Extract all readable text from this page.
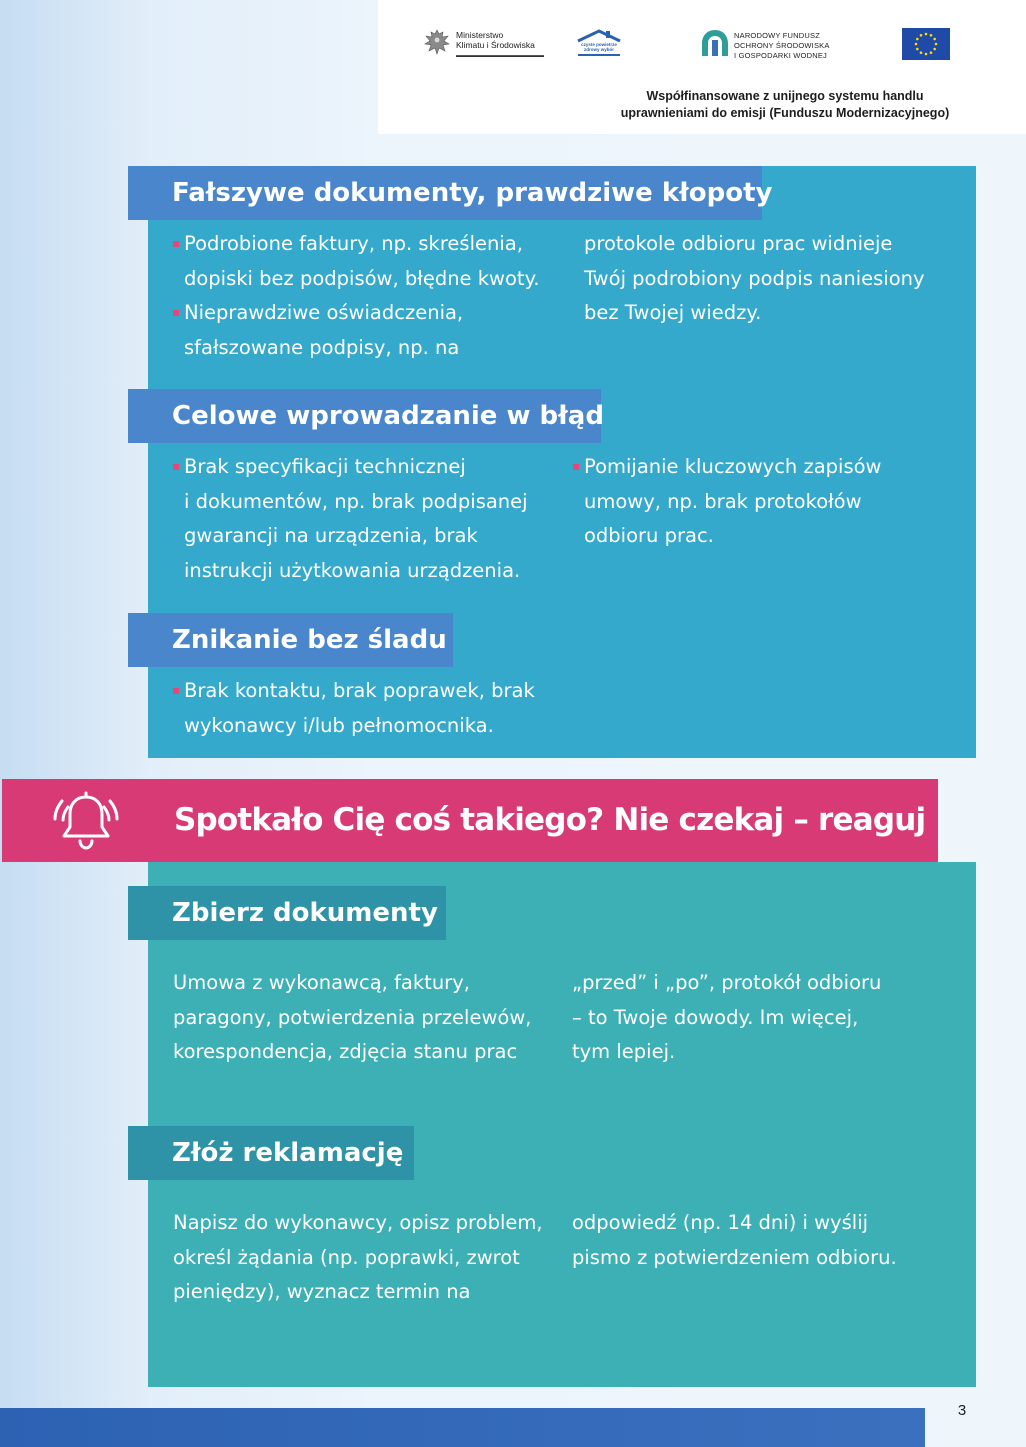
Ministerstwo
Klimatu i Środowiska	czyste powietrze
zdrowy wybór
NARODOWY FUNDUSZ
OCHRONY ŚRODOWISKA
I GOSPODARKI WODNEJ
Współfinansowane z unijnego systemu handlu
uprawnieniami do emisji (Funduszu Modernizacyjnego)
Fałszywe dokumenty, prawdziwe kłopoty

Podrobione faktury, np. skreślenia,

dopiski bez podpisów, błędne kwoty.

Nieprawdziwe oświadczenia,

sfałszowane podpisy, np. na

protokole odbioru prac widnieje

Twój podrobiony podpis naniesiony

bez Twojej wiedzy.

Celowe wprowadzanie w błąd

Brak specyfikacji technicznej

i dokumentów, np. brak podpisanej

gwarancji na urządzenia, brak

instrukcji użytkowania urządzenia.

Pomijanie kluczowych zapisów

umowy, np. brak protokołów

odbioru prac.

Znikanie bez śladu

Brak kontaktu, brak poprawek, brak

wykonawcy i/lub pełnomocnika.

Spotkało Cię coś takiego? Nie czekaj – reaguj
Zbierz dokumenty

Umowa z wykonawcą, faktury,

paragony, potwierdzenia przelewów,

korespondencja, zdjęcia stanu prac

„przed” i „po”, protokół odbioru

– to Twoje dowody. Im więcej,

tym lepiej.

Złóż reklamację

Napisz do wykonawcy, opisz problem,

określ żądania (np. poprawki, zwrot

pieniędzy), wyznacz termin na

odpowiedź (np. 14 dni) i wyślij

pismo z potwierdzeniem odbioru.

3
